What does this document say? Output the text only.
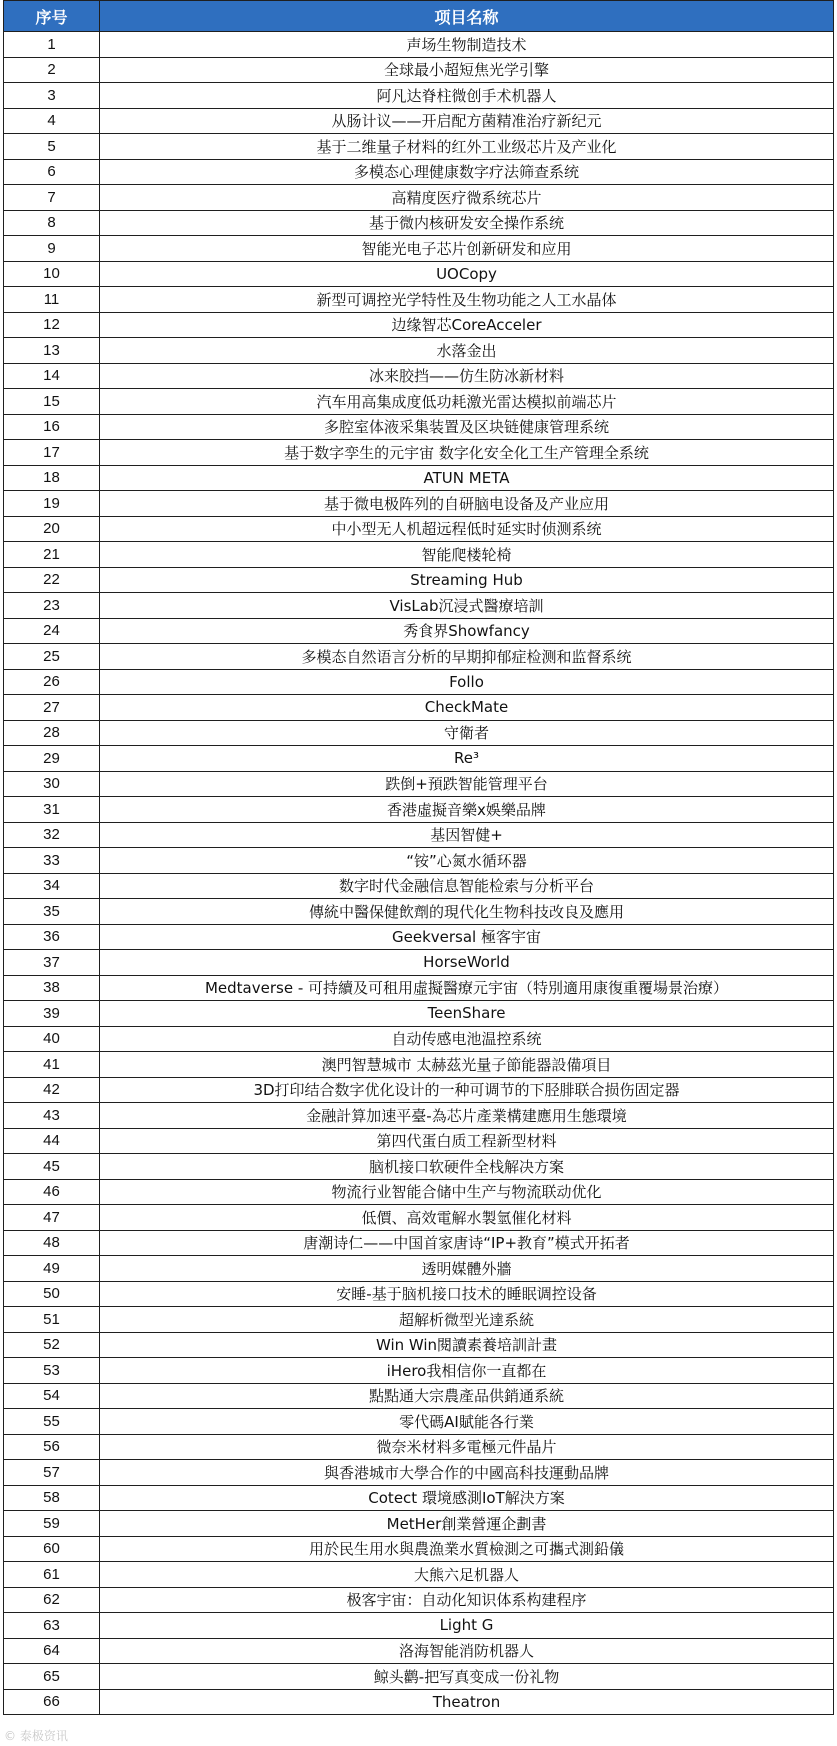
序号	项目名称
1	声场生物制造技术
2	全球最小超短焦光学引擎
3	阿凡达脊柱微创手术机器人
4	从肠计议——开启配方菌精准治疗新纪元
5	基于二维量子材料的红外工业级芯片及产业化
6	多模态心理健康数字疗法筛查系统
7	高精度医疗微系统芯片
8	基于微内核研发安全操作系统
9	智能光电子芯片创新研发和应用
10	UOCopy
11	新型可调控光学特性及生物功能之人工水晶体
12	边缘智芯CoreAcceler
13	水落金出
14	冰来胶挡——仿生防冰新材料
15	汽车用高集成度低功耗激光雷达模拟前端芯片
16	多腔室体液采集装置及区块链健康管理系统
17	基于数字孪生的元宇宙 数字化安全化工生产管理全系统
18	ATUN META
19	基于微电极阵列的自研脑电设备及产业应用
20	中小型无人机超远程低时延实时侦测系统
21	智能爬楼轮椅
22	Streaming Hub
23	VisLab沉浸式醫療培訓
24	秀食界Showfancy
25	多模态自然语言分析的早期抑郁症检测和监督系统
26	Follo
27	CheckMate
28	守衛者
29	Re³
30	跌倒+預跌智能管理平台
31	香港虛擬音樂x娛樂品牌
32	基因智健+
33	“铵”心氮水循环器
34	数字时代金融信息智能检索与分析平台
35	傳統中醫保健飲劑的現代化生物科技改良及應用
36	Geekversal 極客宇宙
37	HorseWorld
38	Medtaverse - 可持續及可租用虛擬醫療元宇宙（特別適用康復重覆場景治療）
39	TeenShare
40	自动传感电池温控系统
41	澳門智慧城市 太赫茲光量子節能器設備項目
42	3D打印结合数字优化设计的一种可调节的下胫腓联合损伤固定器
43	金融計算加速平臺-為芯片產業構建應用生態環境
44	第四代蛋白质工程新型材料
45	脑机接口软硬件全栈解决方案
46	物流行业智能合储中生产与物流联动优化
47	低價、高效電解水製氫催化材料
48	唐潮诗仁——中国首家唐诗“IP+教育”模式开拓者
49	透明媒體外牆
50	安睡-基于脑机接口技术的睡眠调控设备
51	超解析微型光達系統
52	Win Win閱讀素養培訓計畫
53	iHero我相信你一直都在
54	點點通大宗農產品供銷通系統
55	零代碼AI賦能各行業
56	微奈米材料多電極元件晶片
57	與香港城市大學合作的中國高科技運動品牌
58	Cotect 環境感測IoT解決方案
59	MetHer創業營運企劃書
60	用於民生用水與農漁業水質檢測之可攜式測鉛儀
61	大熊六足机器人
62	极客宇宙：自动化知识体系构建程序
63	Light G
64	洛海智能消防机器人
65	鲸头鹳-把写真变成一份礼物
66	Theatron
© 泰极资讯
